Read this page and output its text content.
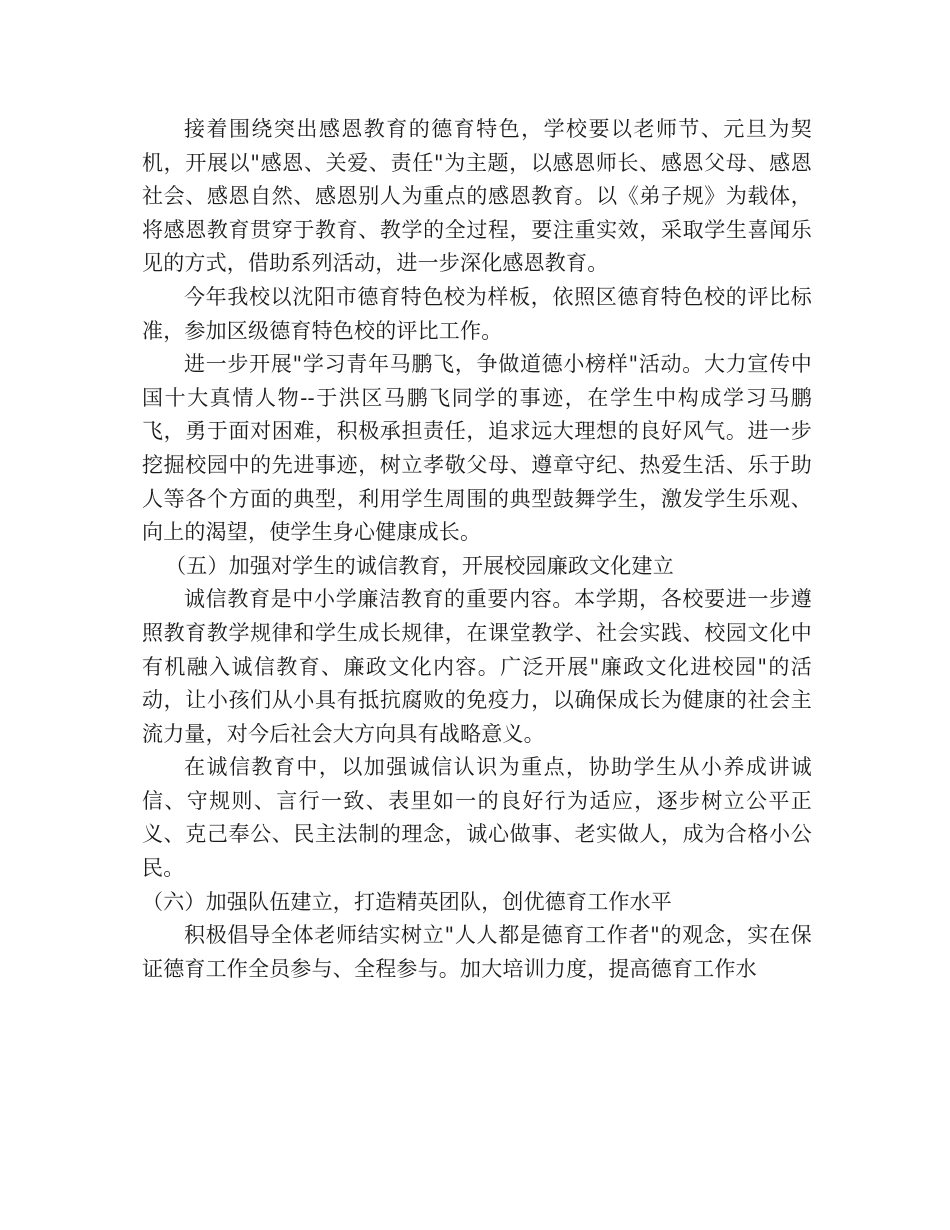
接着围绕突出感恩教育的德育特色，学校要以老师节、元旦为契机，开展以"感恩、关爱、责任"为主题，以感恩师长、感恩父母、感恩社会、感恩自然、感恩别人为重点的感恩教育。以《弟子规》为载体，将感恩教育贯穿于教育、教学的全过程，要注重实效，采取学生喜闻乐见的方式，借助系列活动，进一步深化感恩教育。

今年我校以沈阳市德育特色校为样板，依照区德育特色校的评比标准，参加区级德育特色校的评比工作。

进一步开展"学习青年马鹏飞，争做道德小榜样"活动。大力宣传中国十大真情人物--于洪区马鹏飞同学的事迹，在学生中构成学习马鹏飞，勇于面对困难，积极承担责任，追求远大理想的良好风气。进一步挖掘校园中的先进事迹，树立孝敬父母、遵章守纪、热爱生活、乐于助人等各个方面的典型，利用学生周围的典型鼓舞学生，激发学生乐观、向上的渴望，使学生身心健康成长。

（五）加强对学生的诚信教育，开展校园廉政文化建立

诚信教育是中小学廉洁教育的重要内容。本学期，各校要进一步遵照教育教学规律和学生成长规律，在课堂教学、社会实践、校园文化中有机融入诚信教育、廉政文化内容。广泛开展"廉政文化进校园"的活动，让小孩们从小具有抵抗腐败的免疫力，以确保成长为健康的社会主流力量，对今后社会大方向具有战略意义。

在诚信教育中，以加强诚信认识为重点，协助学生从小养成讲诚信、守规则、言行一致、表里如一的良好行为适应，逐步树立公平正义、克己奉公、民主法制的理念，诚心做事、老实做人，成为合格小公民。

（六）加强队伍建立，打造精英团队，创优德育工作水平

积极倡导全体老师结实树立"人人都是德育工作者"的观念，实在保证德育工作全员参与、全程参与。加大培训力度，提高德育工作水
